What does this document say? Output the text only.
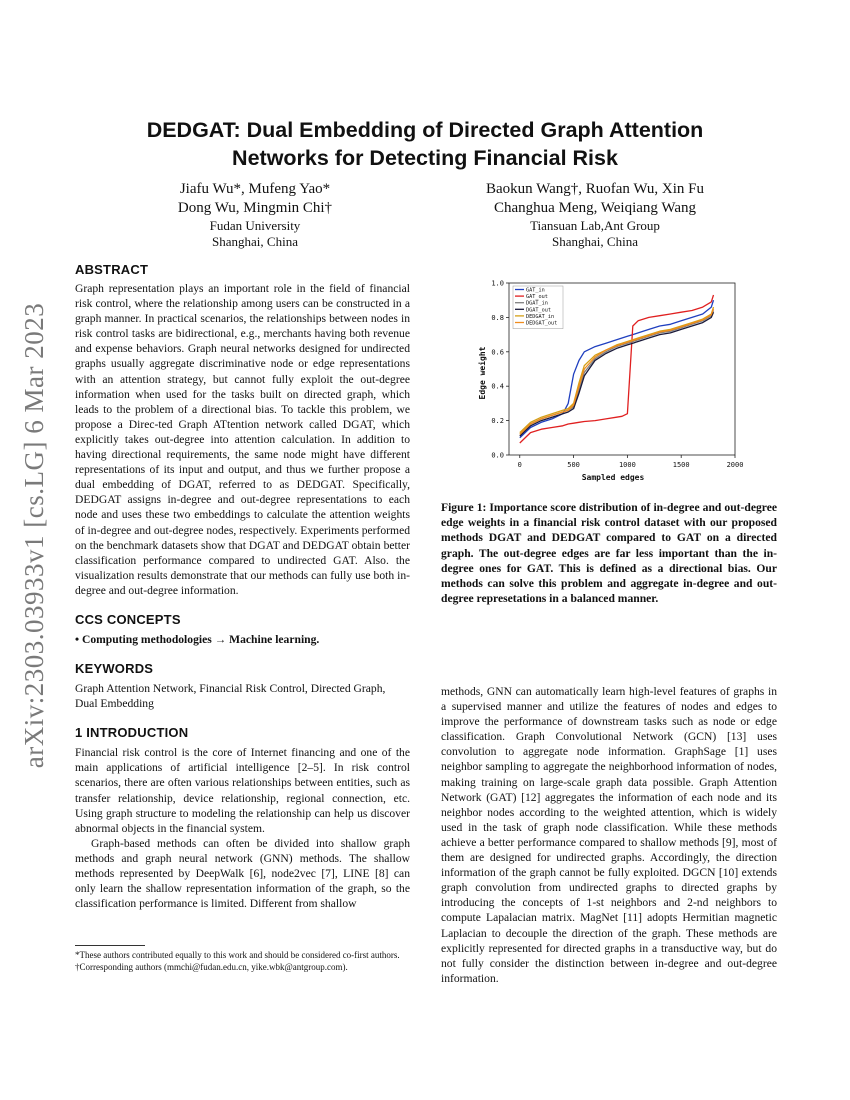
arXiv:2303.03933v1 [cs.LG] 6 Mar 2023
DEDGAT: Dual Embedding of Directed Graph Attention
Networks for Detecting Financial Risk
Jiafu Wu*, Mufeng Yao*
Dong Wu, Mingmin Chi†
Fudan University
Shanghai, China
Baokun Wang†, Ruofan Wu, Xin Fu
Changhua Meng, Weiqiang Wang
Tiansuan Lab,Ant Group
Shanghai, China
ABSTRACT
Graph representation plays an important role in the field of financial risk control, where the relationship among users can be constructed in a graph manner. In practical scenarios, the relationships between nodes in risk control tasks are bidirectional, e.g., merchants having both revenue and expense behaviors. Graph neural networks designed for undirected graphs usually aggregate discriminative node or edge representations with an attention strategy, but cannot fully exploit the out-degree information when used for the tasks built on directed graph, which leads to the problem of a directional bias. To tackle this problem, we propose a Direc-ted Graph ATtention network called DGAT, which explicitly takes out-degree into attention calculation. In addition to having directional requirements, the same node might have different representations of its input and output, and thus we further propose a dual embedding of DGAT, referred to as DEDGAT. Specifically, DEDGAT assigns in-degree and out-degree representations to each node and uses these two embeddings to calculate the attention weights of in-degree and out-degree nodes, respectively. Experiments performed on the benchmark datasets show that DGAT and DEDGAT obtain better classification performance compared to undirected GAT. Also. the visualization results demonstrate that our methods can fully use both in-degree and out-degree information.
CCS CONCEPTS
• Computing methodologies → Machine learning.
KEYWORDS
Graph Attention Network, Financial Risk Control, Directed Graph, Dual Embedding
1 INTRODUCTION

Financial risk control is the core of Internet financing and one of the main applications of artificial intelligence [2–5]. In risk control scenarios, there are often various relationships between entities, such as transfer relationship, device relationship, regional connection, etc. Using graph structure to modeling the relationship can help us discover abnormal objects in the financial system.

Graph-based methods can often be divided into shallow graph methods and graph neural network (GNN) methods. The shallow methods represented by DeepWalk [6], node2vec [7], LINE [8] can only learn the shallow representation information of the graph, so the classification performance is limited. Different from shallow

*These authors contributed equally to this work and should be considered co-first authors.
†Corresponding authors (mmchi@fudan.edu.cn, yike.wbk@antgroup.com).
Edge weight
Sampled edges
0	500	1000	1500	2000
0.0
0.2
0.4
0.6
0.8
1.0
GAT_in
GAT_out
DGAT_in
DGAT_out
DEDGAT_in
DEDGAT_out
Figure 1: Importance score distribution of in-degree and out-degree edge weights in a financial risk control dataset with our proposed methods DGAT and DEDGAT compared to GAT on a directed graph. The out-degree edges are far less important than the in-degree ones for GAT. This is defined as a directional bias. Our methods can solve this problem and aggregate in-degree and out-degree represetations in a balanced manner.
methods, GNN can automatically learn high-level features of graphs in a supervised manner and utilize the features of nodes and edges to improve the performance of downstream tasks such as node or edge classification. Graph Convolutional Network (GCN) [13] uses convolution to aggregate node information. GraphSage [1] uses neighbor sampling to aggregate the neighborhood information of nodes, making training on large-scale graph data possible. Graph Attention Network (GAT) [12] aggregates the information of each node and its neighbor nodes according to the weighted attention, which is widely used in the task of graph node classification. While these methods achieve a better performance compared to shallow methods [9], most of them are designed for undirected graphs. Accordingly, the direction information of the graph cannot be fully exploited. DGCN [10] extends graph convolution from undirected graphs to directed graphs by introducing the concepts of 1-st neighbors and 2-nd neighbors to compute Lapalacian matrix. MagNet [11] adopts Hermitian magnetic Laplacian to decouple the direction of the graph. These methods are explicitly represented for directed graphs in a transductive way, but do not fully consider the distinction between in-degree and out-degree information.
